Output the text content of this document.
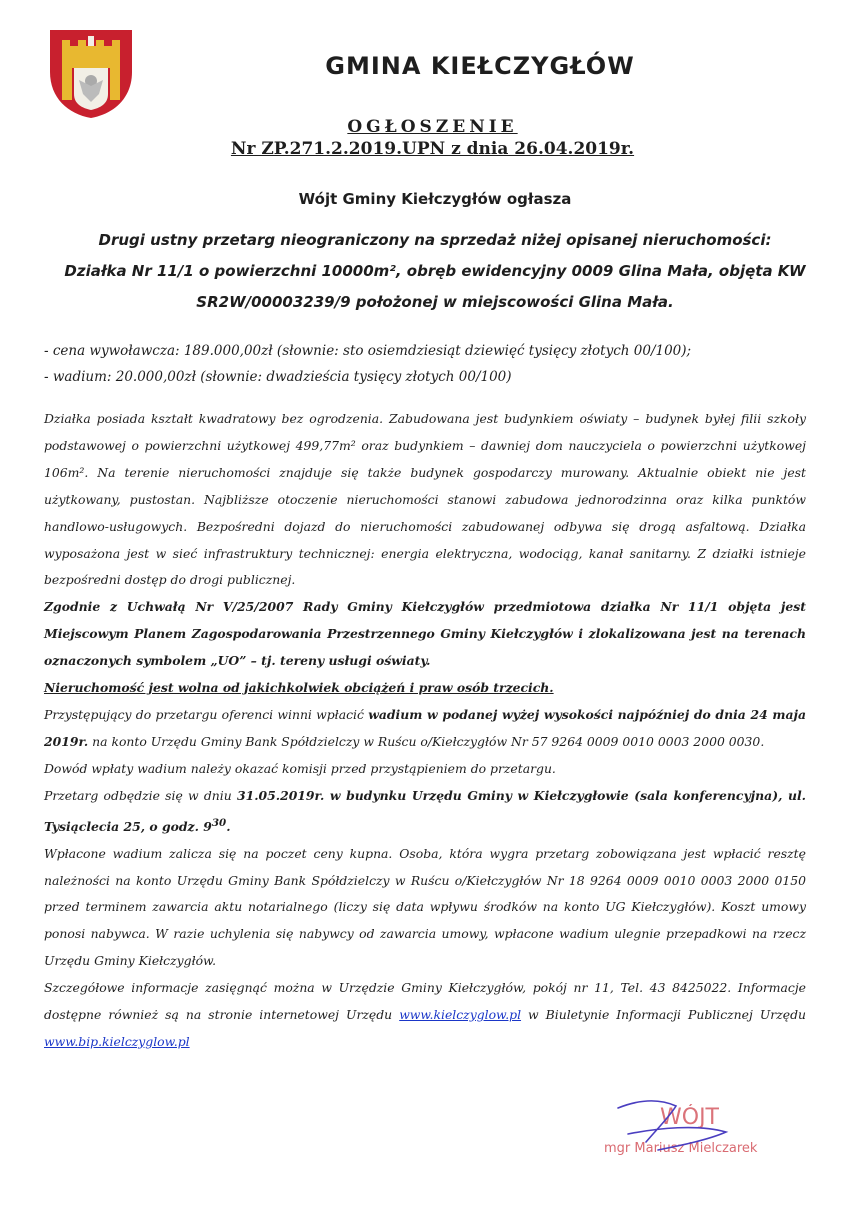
GMINA KIEŁCZYGŁÓW
OGŁOSZENIE
Nr ZP.271.2.2019.UPN z dnia 26.04.2019r.
Wójt Gminy Kiełczygłów ogłasza
Drugi ustny przetarg nieograniczony na sprzedaż niżej opisanej nieruchomości:
Działka Nr 11/1 o powierzchni 10000m², obręb ewidencyjny 0009 Glina Mała, objęta KW
SR2W/00003239/9 położonej w miejscowości Glina Mała.
- cena wywoławcza: 189.000,00zł (słownie: sto osiemdziesiąt dziewięć tysięcy złotych 00/100);
- wadium: 20.000,00zł (słownie: dwadzieścia tysięcy złotych 00/100)

Działka posiada kształt kwadratowy bez ogrodzenia. Zabudowana jest budynkiem oświaty – budynek byłej filii szkoły podstawowej o powierzchni użytkowej 499,77m² oraz budynkiem – dawniej dom nauczyciela o powierzchni użytkowej 106m². Na terenie nieruchomości znajduje się także budynek gospodarczy murowany. Aktualnie obiekt nie jest użytkowany, pustostan. Najbliższe otoczenie nieruchomości stanowi zabudowa jednorodzinna oraz kilka punktów handlowo-usługowych. Bezpośredni dojazd do nieruchomości zabudowanej odbywa się drogą asfaltową. Działka wyposażona jest w sieć infrastruktury technicznej: energia elektryczna, wodociąg, kanał sanitarny. Z działki istnieje bezpośredni dostęp do drogi publicznej.

Zgodnie z Uchwałą Nr V/25/2007 Rady Gminy Kiełczygłów przedmiotowa działka Nr 11/1 objęta jest Miejscowym Planem Zagospodarowania Przestrzennego Gminy Kiełczygłów i zlokalizowana jest na terenach oznaczonych symbolem „UO” – tj. tereny usługi oświaty.

Nieruchomość jest wolna od jakichkolwiek obciążeń i praw osób trzecich.

Przystępujący do przetargu oferenci winni wpłacić wadium w podanej wyżej wysokości najpóźniej do dnia 24 maja 2019r. na konto Urzędu Gminy Bank Spółdzielczy w Ruścu o/Kiełczygłów Nr 57 9264 0009 0010 0003 2000 0030.

Dowód wpłaty wadium należy okazać komisji przed przystąpieniem do przetargu.

Przetarg odbędzie się w dniu 31.05.2019r. w budynku Urzędu Gminy w Kiełczygłowie (sala konferencyjna), ul. Tysiąclecia 25, o godz. $9^{30}$.

Wpłacone wadium zalicza się na poczet ceny kupna. Osoba, która wygra przetarg zobowiązana jest wpłacić resztę należności na konto Urzędu Gminy Bank Spółdzielczy w Ruścu o/Kiełczygłów Nr 18 9264 0009 0010 0003 2000 0150 przed terminem zawarcia aktu notarialnego (liczy się data wpływu środków na konto UG Kiełczygłów). Koszt umowy ponosi nabywca. W razie uchylenia się nabywcy od zawarcia umowy, wpłacone wadium ulegnie przepadkowi na rzecz Urzędu Gminy Kiełczygłów.

Szczegółowe informacje zasięgnąć można w Urzędzie Gminy Kiełczygłów, pokój nr 11, Tel. 43 8425022. Informacje dostępne również są na stronie internetowej Urzędu www.kielczyglow.pl w Biuletynie Informacji Publicznej Urzędu www.bip.kielczyglow.pl

WÓJT
mgr Mariusz Mielczarek
